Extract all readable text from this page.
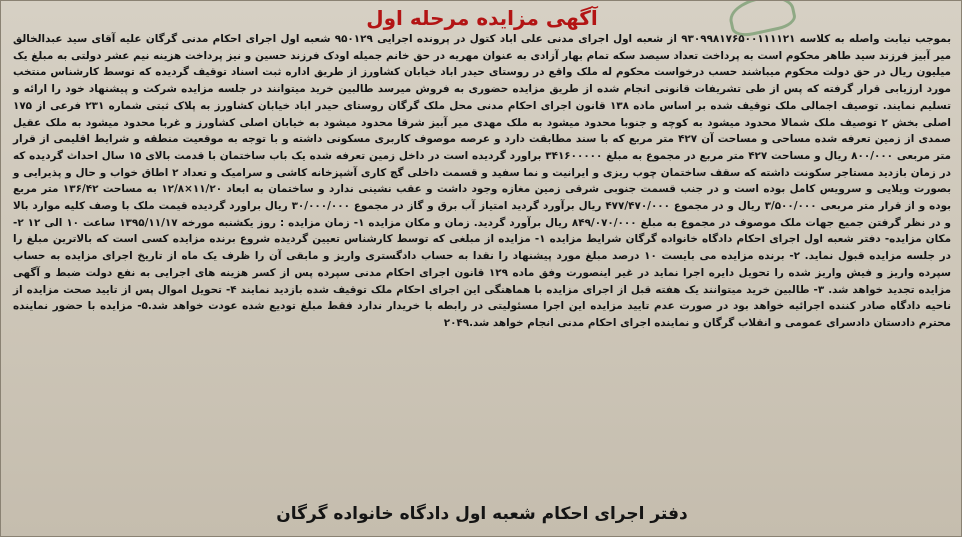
آگهی مزایده مرحله اول

بموجب نیابت واصله به کلاسه ۹۳۰۹۹۸۱۷۶۵۰۰۱۱۱۱۲۱ از شعبه اول اجرای مدنی علی اباد کتول در پرونده اجرایی ۹۵۰۱۲۹ شعبه اول اجرای احکام مدنی گرگان علیه آقای سید عبدالخالق میر آبیز فرزند سید طاهر محکوم است به پرداخت تعداد سیصد سکه تمام بهار آزادی به عنوان مهریه در حق خانم جمیله اودک فرزند حسین و نیز پرداخت هزینه نیم عشر دولتی به مبلغ یک میلیون ریال در حق دولت محکوم میباشند حسب درخواست محکوم له ملک واقع در روستای حیدر اباد خیابان کشاورز از طریق اداره ثبت اسناد توقیف گردیده که توسط کارشناس منتخب مورد ارزیابی قرار گرفته که پس از طی تشریفات قانونی انجام شده از طریق مزایده حضوری به فروش میرسد طالبین خرید میتوانند در جلسه مزایده شرکت و پیشنهاد خود را ارائه و تسلیم نمایند. توصیف اجمالی ملک توقیف شده بر اساس ماده ۱۳۸ قانون اجرای احکام مدنی محل ملک گرگان روستای حیدر اباد خیابان کشاورز به پلاک ثبتی شماره ۲۳۱ فرعی از ۱۷۵ اصلی بخش ۲ توصیف ملک شمالا محدود میشود به کوچه و جنوبا محدود میشود به ملک مهدی میر آبیز شرقا محدود میشود به خیابان اصلی کشاورز و غربا محدود میشود به ملک عقیل صمدی از زمین تعرفه شده مساحی و مساحت آن ۴۲۷ متر مربع که با سند مطابقت دارد و عرصه موصوف کاربری مسکونی داشته و با توجه به موقعیت منطقه و شرایط اقلیمی از قرار متر مربعی ۸۰۰/۰۰۰ ریال و مساحت ۴۲۷ متر مربع در مجموع به مبلغ ۳۴۱۶۰۰۰۰۰ براورد گردیده است در داخل زمین تعرفه شده یک باب ساختمان با قدمت بالای ۱۵ سال احداث گردیده که در زمان بازدید مستاجر سکونت داشته که سقف ساختمان چوب ریزی و ایرانیت و نما سفید و قسمت داخلی گچ کاری آشپزخانه کاشی و سرامیک و تعداد ۲ اطاق خواب و حال و پذیرایی و بصورت ویلایی و سرویس کامل بوده است و در جنب قسمت جنوبی شرقی زمین مغازه وجود داشت و عقب نشینی ندارد و ساختمان به ابعاد ۱۱/۲۰×۱۲/۸ به مساحت ۱۳۶/۴۲ متر مربع بوده و از قرار متر مربعی ۳/۵۰۰/۰۰۰ ریال و در مجموع ۴۷۷/۴۷۰/۰۰۰ ریال برآورد گردید امتیاز آب برق و گاز در مجموع ۳۰/۰۰۰/۰۰۰ ریال براورد گردیده قیمت ملک با وصف کلیه موارد بالا و در نظر گرفتن جمیع جهات ملک موصوف در مجموع به مبلغ ۸۴۹/۰۷۰/۰۰۰ ریال برآورد گردید. زمان و مکان مزایده ۱- زمان مزایده : روز یکشنبه مورخه ۱۳۹۵/۱۱/۱۷ ساعت ۱۰ الی ۱۲ ۲- مکان مزایده- دفتر شعبه اول اجرای احکام دادگاه خانواده گرگان شرایط مزایده ۱- مزایده از مبلغی که توسط کارشناس تعیین گردیده شروع برنده مزایده کسی است که بالاترین مبلغ را در جلسه مزایده قبول نماید. ۲- برنده مزایده می بایست ۱۰ درصد مبلغ مورد پیشنهاد را نقدا به حساب دادگستری واریز و مابقی آن را ظرف یک ماه از تاریخ اجرای مزایده به حساب سپرده واریز و فیش واریز شده را تحویل دایره اجرا نماید در غیر اینصورت وفق ماده ۱۲۹ قانون اجرای احکام مدنی سپرده پس از کسر هزینه های اجرایی به نفع دولت ضبط و آگهی مزایده تجدید خواهد شد. ۳- طالبین خرید میتوانند یک هفته قبل از اجرای مزایده با هماهنگی این اجرای احکام ملک توقیف شده بازدید نمایند ۴- تحویل اموال پس از تایید صحت مزایده از ناحیه دادگاه صادر کننده اجرائیه خواهد بود در صورت عدم تایید مزایده این اجرا مسئولیتی در رابطه با خریدار ندارد فقط مبلغ تودیع شده عودت خواهد شد.۵- مزایده با حضور نماینده محترم دادستان دادسرای عمومی و انقلاب گرگان و نماینده اجرای احکام مدنی انجام خواهد شد.۲۰۴۹

دفتر اجرای احکام شعبه اول دادگاه خانواده گرگان
